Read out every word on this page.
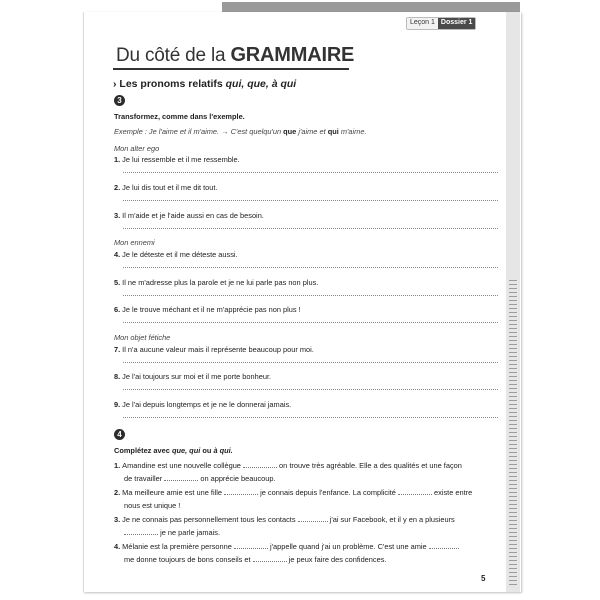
Leçon 1 Dossier 1
Du côté de la GRAMMAIRE
› Les pronoms relatifs qui, que, à qui
3
Transformez, comme dans l'exemple.
Exemple : Je l'aime et il m'aime. → C'est quelqu'un que j'aime et qui m'aime.
Mon alter ego
1. Je lui ressemble et il me ressemble.
2. Je lui dis tout et il me dit tout.
3. Il m'aide et je l'aide aussi en cas de besoin.
Mon ennemi
4. Je le déteste et il me déteste aussi.
5. Il ne m'adresse plus la parole et je ne lui parle pas non plus.
6. Je le trouve méchant et il ne m'apprécie pas non plus !
Mon objet fétiche
7. Il n'a aucune valeur mais il représente beaucoup pour moi.
8. Je l'ai toujours sur moi et il me porte bonheur.
9. Je l'ai depuis longtemps et je ne le donnerai jamais.
4
Complétez avec que, qui ou à qui.
1. Amandine est une nouvelle collègue	on trouve très agréable. Elle a des qualités et une façon
de travailler	on apprécie beaucoup.
2. Ma meilleure amie est une fille	je connais depuis l'enfance. La complicité	existe entre
nous est unique !
3. Je ne connais pas personnellement tous les contacts	j'ai sur Facebook, et il y en a plusieurs
je ne parle jamais.
4. Mélanie est la première personne	j'appelle quand j'ai un problème. C'est une amie
me donne toujours de bons conseils et	je peux faire des confidences.
5
